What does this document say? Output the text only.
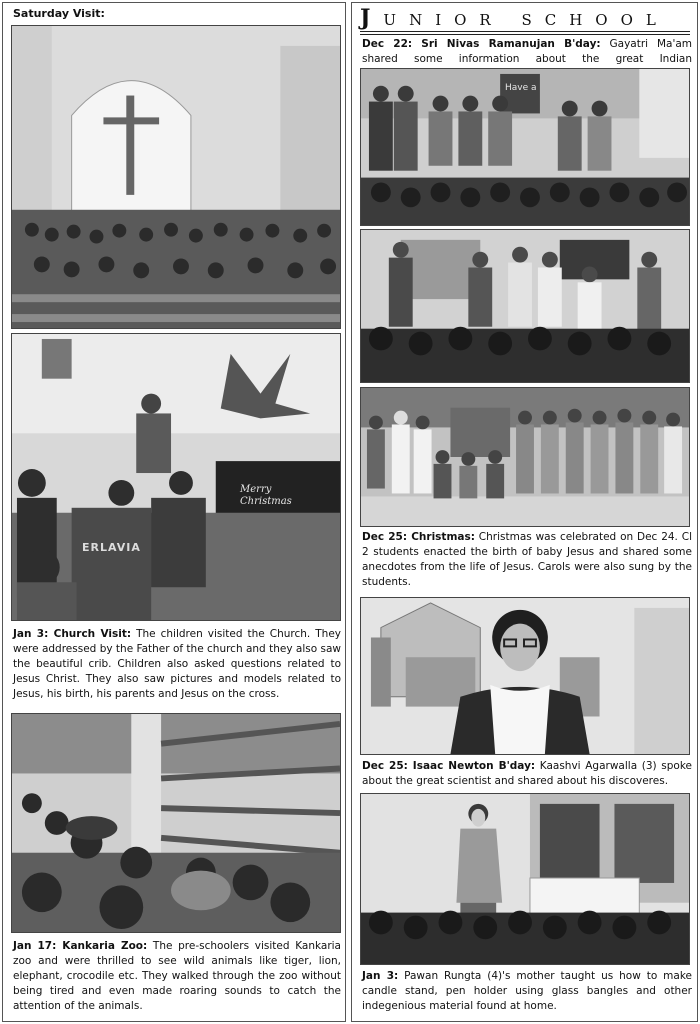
Saturday Visit:
Merry Christmas
ERLAVIA

Jan 3: Church Visit: The children visited the Church. They were addressed by the Father of the church and they also saw the beautiful crib. Children also asked questions related to Jesus Christ. They also saw pictures and models related to Jesus, his birth, his parents and Jesus on the cross.

Jan 17: Kankaria Zoo: The pre-schoolers visited Kankaria zoo and were thrilled to see wild animals like tiger, lion, elephant, crocodile etc. They walked through the zoo without being tired and even made roaring sounds to catch the attention of the animals.

JUNIOR SCHOOL

Dec 22: Sri Nivas Ramanujan B'day: Gayatri Ma'am shared some information about the great Indian

Have a

Dec 25: Christmas: Christmas was celebrated on Dec 24. Cl 2 students enacted the birth of baby Jesus and shared some anecdotes from the life of Jesus. Carols were also sung by the students.

Dec 25: Isaac Newton B'day: Kaashvi Agarwalla (3) spoke about the great scientist and shared about his discoveres.

Jan 3: Pawan Rungta (4)'s mother taught us how to make candle stand, pen holder using glass bangles and other indegenious material found at home.
